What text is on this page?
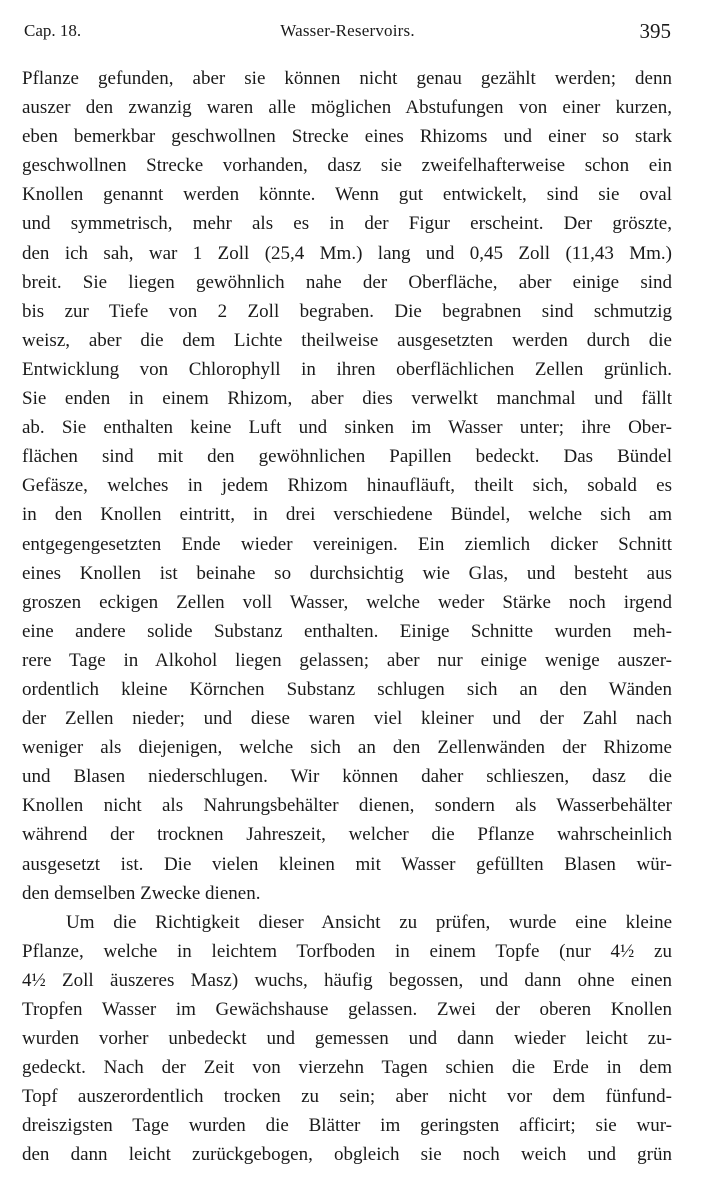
Cap. 18.	Wasser-Reservoirs.	395
Pflanze gefunden, aber sie können nicht genau gezählt werden; denn
auszer den zwanzig waren alle möglichen Abstufungen von einer kurzen,
eben bemerkbar geschwollnen Strecke eines Rhizoms und einer so stark
geschwollnen Strecke vorhanden, dasz sie zweifelhafterweise schon ein
Knollen genannt werden könnte. Wenn gut entwickelt, sind sie oval
und symmetrisch, mehr als es in der Figur erscheint. Der gröszte,
den ich sah, war 1 Zoll (25,4 Mm.) lang und 0,45 Zoll (11,43 Mm.)
breit. Sie liegen gewöhnlich nahe der Oberfläche, aber einige sind
bis zur Tiefe von 2 Zoll begraben. Die begrabnen sind schmutzig
weisz, aber die dem Lichte theilweise ausgesetzten werden durch die
Entwicklung von Chlorophyll in ihren oberflächlichen Zellen grünlich.
Sie enden in einem Rhizom, aber dies verwelkt manchmal und fällt
ab. Sie enthalten keine Luft und sinken im Wasser unter; ihre Ober-
flächen sind mit den gewöhnlichen Papillen bedeckt. Das Bündel
Gefäsze, welches in jedem Rhizom hinaufläuft, theilt sich, sobald es
in den Knollen eintritt, in drei verschiedene Bündel, welche sich am
entgegengesetzten Ende wieder vereinigen. Ein ziemlich dicker Schnitt
eines Knollen ist beinahe so durchsichtig wie Glas, und besteht aus
groszen eckigen Zellen voll Wasser, welche weder Stärke noch irgend
eine andere solide Substanz enthalten. Einige Schnitte wurden meh-
rere Tage in Alkohol liegen gelassen; aber nur einige wenige auszer-
ordentlich kleine Körnchen Substanz schlugen sich an den Wänden
der Zellen nieder; und diese waren viel kleiner und der Zahl nach
weniger als diejenigen, welche sich an den Zellenwänden der Rhizome
und Blasen niederschlugen. Wir können daher schlieszen, dasz die
Knollen nicht als Nahrungsbehälter dienen, sondern als Wasserbehälter
während der trocknen Jahreszeit, welcher die Pflanze wahrscheinlich
ausgesetzt ist. Die vielen kleinen mit Wasser gefüllten Blasen wür-
den demselben Zwecke dienen.
Um die Richtigkeit dieser Ansicht zu prüfen, wurde eine kleine
Pflanze, welche in leichtem Torfboden in einem Topfe (nur 4½ zu
4½ Zoll äuszeres Masz) wuchs, häufig begossen, und dann ohne einen
Tropfen Wasser im Gewächshause gelassen. Zwei der oberen Knollen
wurden vorher unbedeckt und gemessen und dann wieder leicht zu-
gedeckt. Nach der Zeit von vierzehn Tagen schien die Erde in dem
Topf auszerordentlich trocken zu sein; aber nicht vor dem fünfund-
dreiszigsten Tage wurden die Blätter im geringsten afficirt; sie wur-
den dann leicht zurückgebogen, obgleich sie noch weich und grün
